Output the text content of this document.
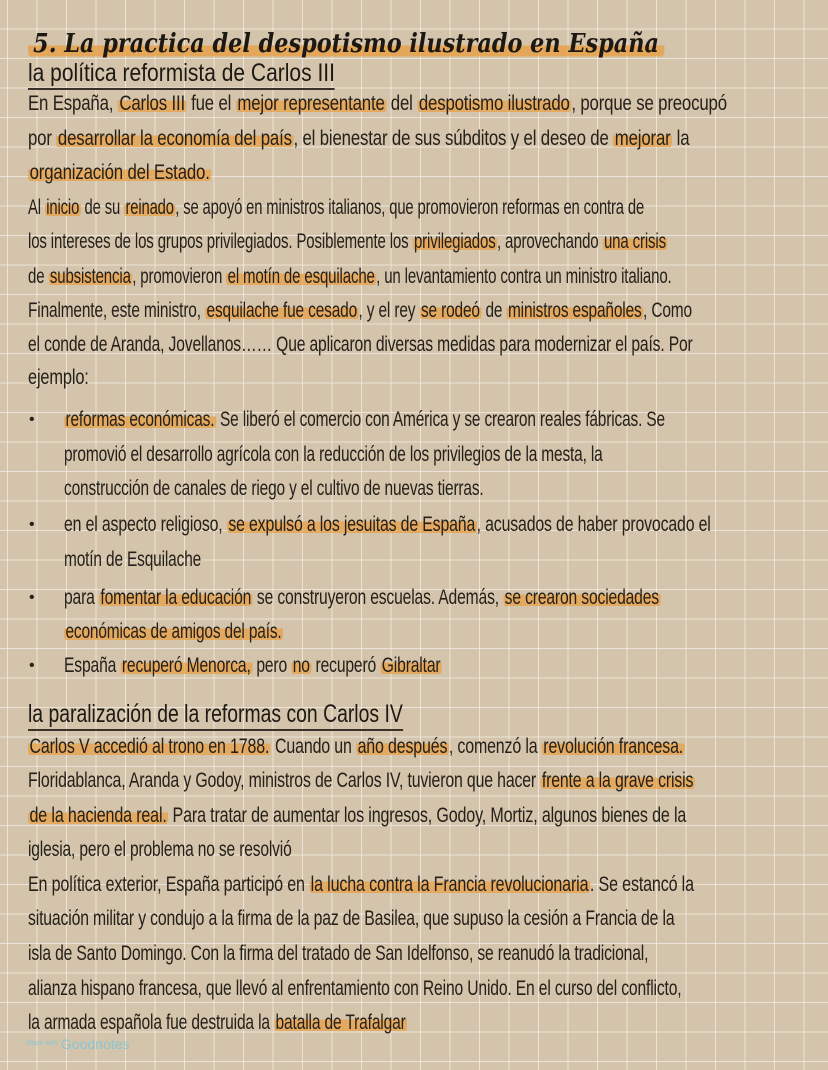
5. La practica del despotismo ilustrado en España
la política reformista de Carlos III
En España, Carlos III fue el mejor representante del despotismo ilustrado, porque se preocupó
por desarrollar la economía del país, el bienestar de sus súbditos y el deseo de mejorar la
organización del Estado.
Al inicio de su reinado, se apoyó en ministros italianos, que promovieron reformas en contra de
los intereses de los grupos privilegiados. Posiblemente los privilegiados, aprovechando una crisis
de subsistencia, promovieron el motín de esquilache, un levantamiento contra un ministro italiano.
Finalmente, este ministro, esquilache fue cesado, y el rey se rodeó de ministros españoles, Como
el conde de Aranda, Jovellanos…… Que aplicaron diversas medidas para modernizar el país. Por
ejemplo:
• reformas económicas. Se liberó el comercio con América y se crearon reales fábricas. Se
promovió el desarrollo agrícola con la reducción de los privilegios de la mesta, la
construcción de canales de riego y el cultivo de nuevas tierras.
• en el aspecto religioso, se expulsó a los jesuitas de España, acusados de haber provocado el
motín de Esquilache
• para fomentar la educación se construyeron escuelas. Además, se crearon sociedades
económicas de amigos del país.
• España recuperó Menorca, pero no recuperó Gibraltar
la paralización de la reformas con Carlos IV
Carlos V accedió al trono en 1788. Cuando un año después, comenzó la revolución francesa.
Floridablanca, Aranda y Godoy, ministros de Carlos IV, tuvieron que hacer frente a la grave crisis
de la hacienda real. Para tratar de aumentar los ingresos, Godoy, Mortiz, algunos bienes de la
iglesia, pero el problema no se resolvió
En política exterior, España participó en la lucha contra la Francia revolucionaria. Se estancó la
situación militar y condujo a la firma de la paz de Basilea, que supuso la cesión a Francia de la
isla de Santo Domingo. Con la firma del tratado de San Idelfonso, se reanudó la tradicional,
alianza hispano francesa, que llevó al enfrentamiento con Reino Unido. En el curso del conflicto,
la armada española fue destruida la batalla de Trafalgar
Made with Goodnotes
